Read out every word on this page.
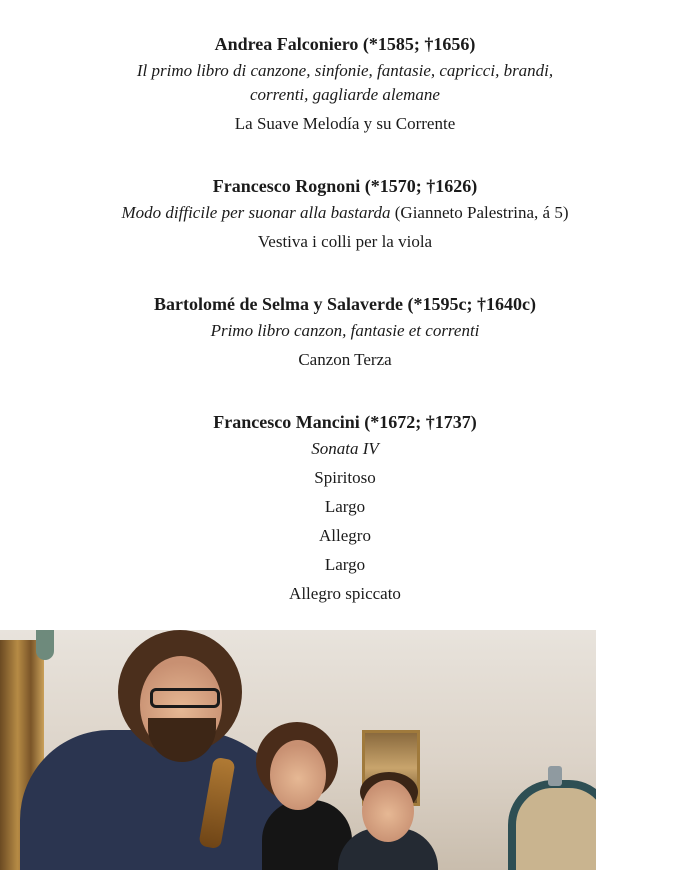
Andrea Falconiero (*1585; †1656)

Il primo libro di canzone, sinfonie, fantasie, capricci, brandi, correnti, gagliarde alemane

La Suave Melodía y su Corrente

Francesco Rognoni (*1570; †1626)

Modo difficile per suonar alla bastarda (Gianneto Palestrina, á 5)

Vestiva i colli per la viola

Bartolomé de Selma y Salaverde (*1595c; †1640c)

Primo libro canzon, fantasie et correnti

Canzon Terza

Francesco Mancini (*1672; †1737)

Sonata IV

Spiritoso

Largo

Allegro

Largo

Allegro spiccato
